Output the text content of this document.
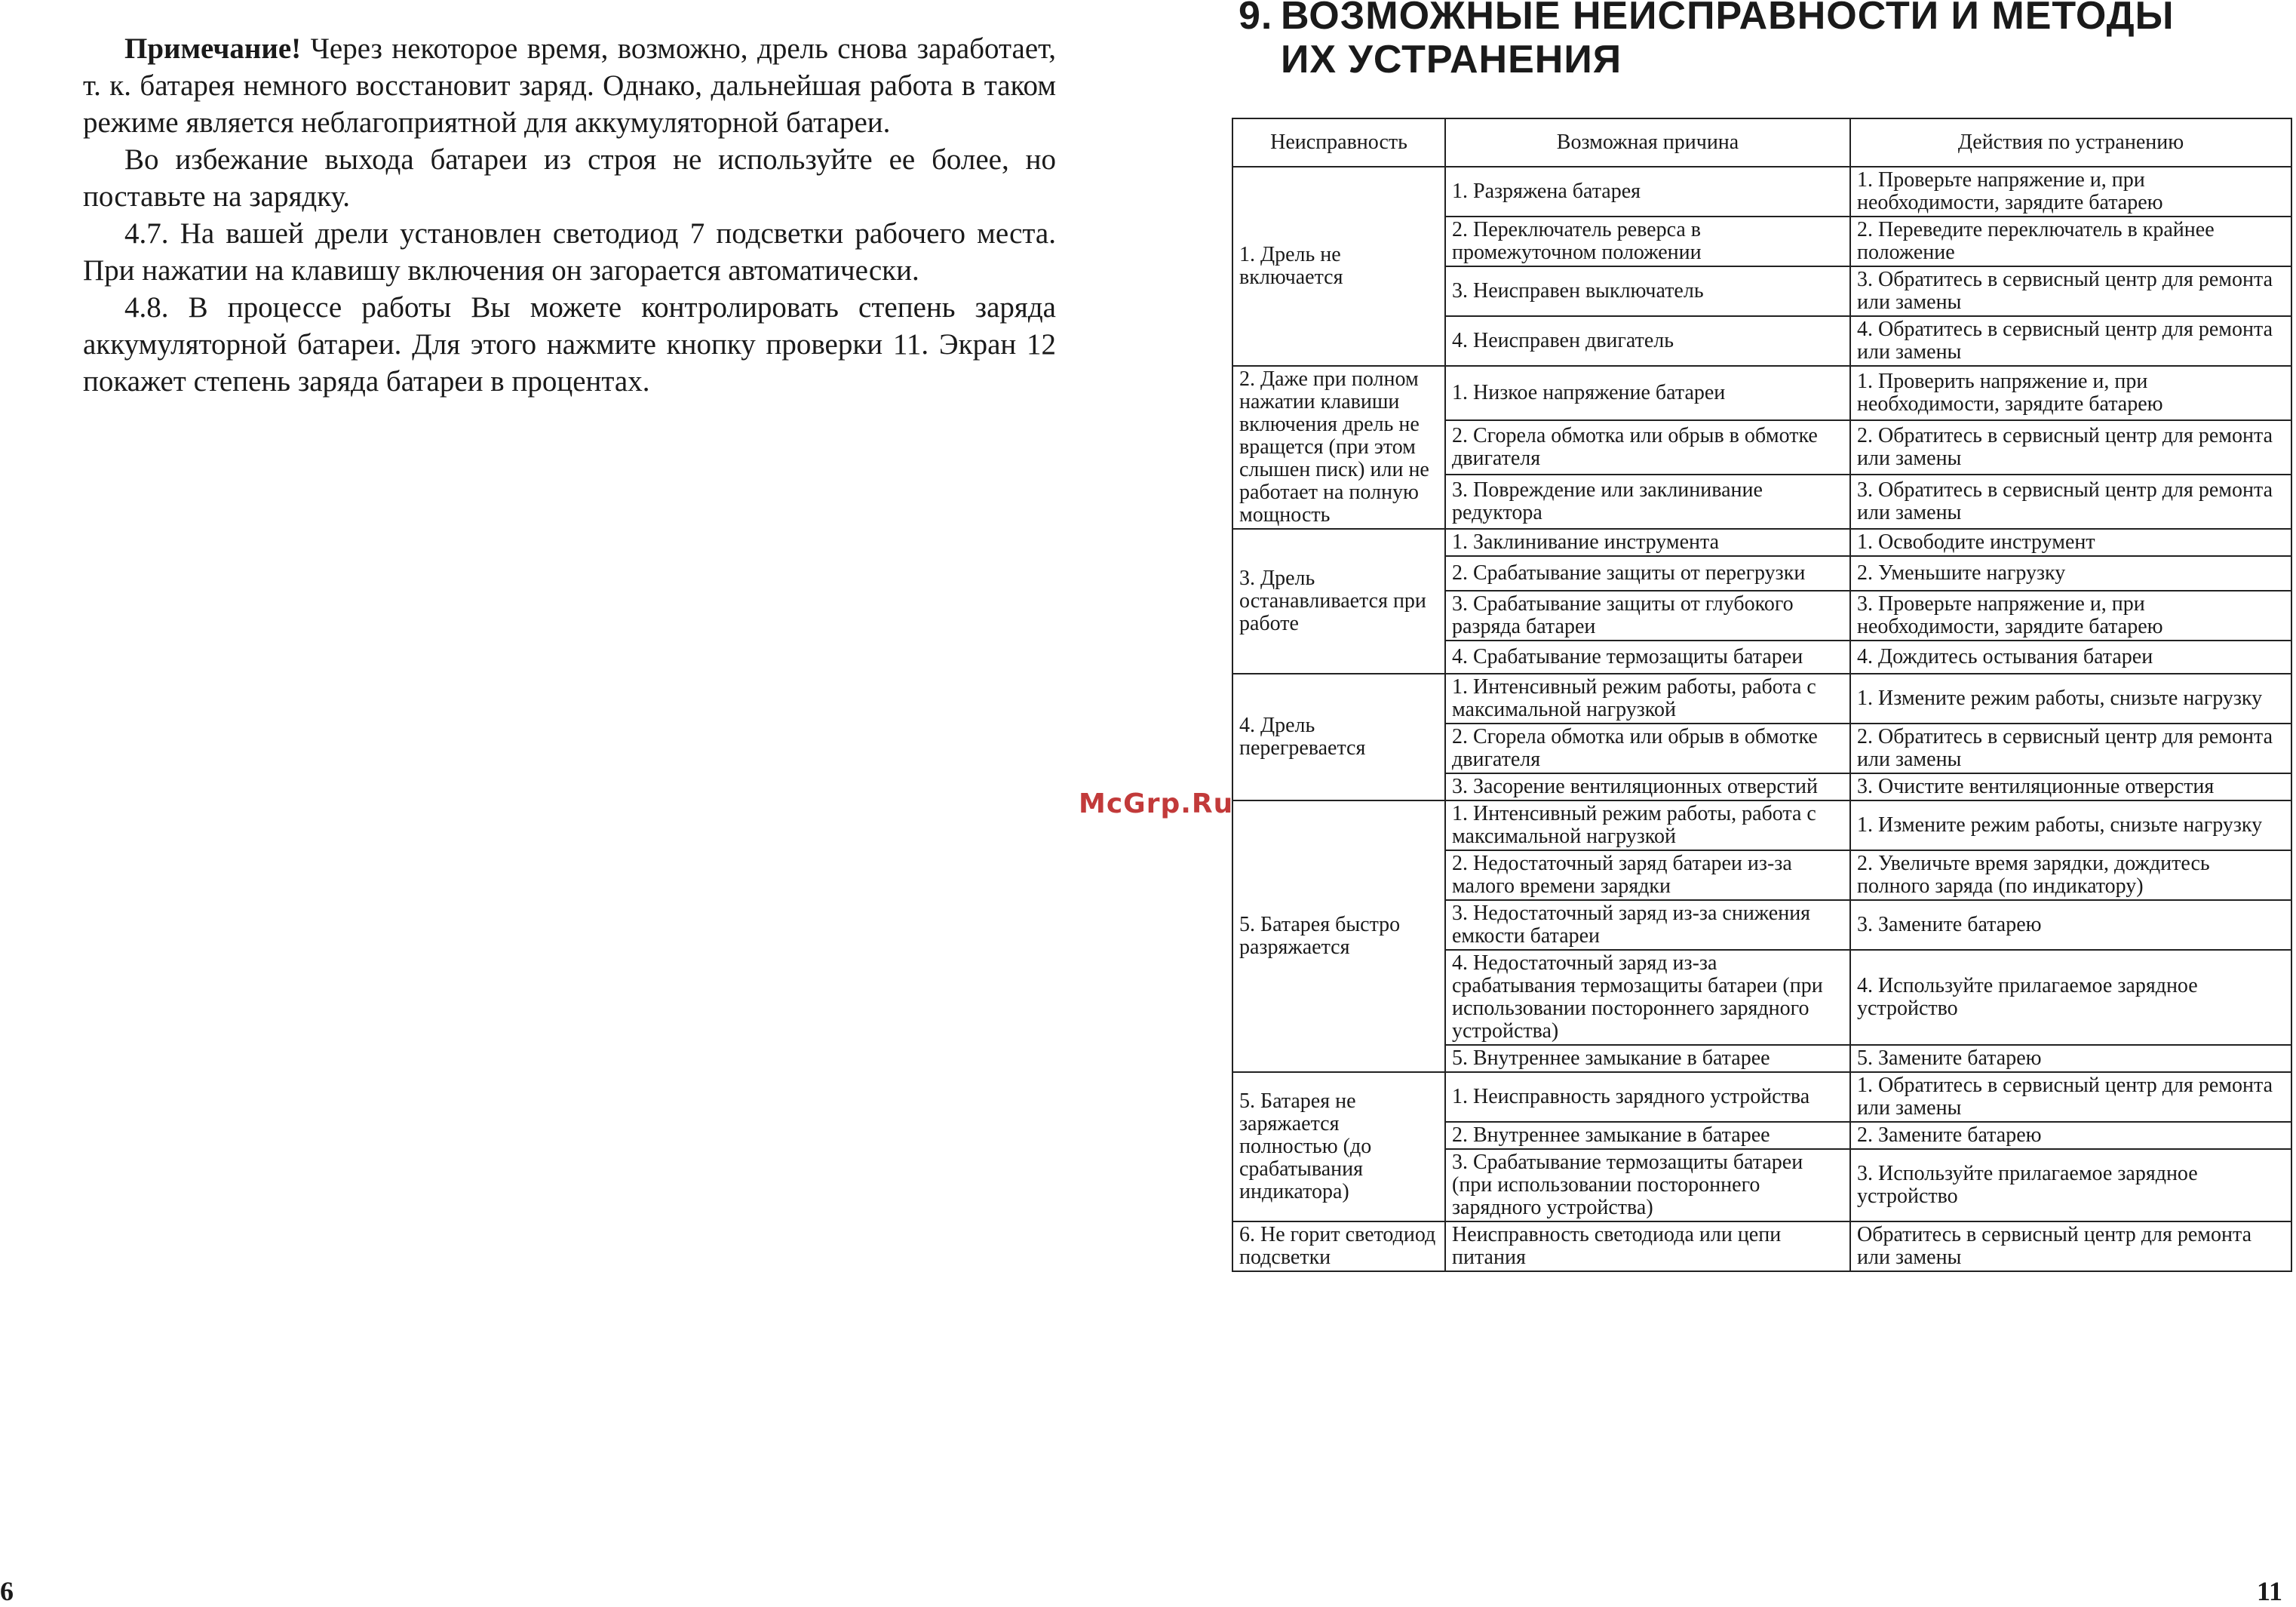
Примечание! Через некоторое время, возможно, дрель снова заработает, т. к. батарея немного восстановит заряд. Однако, дальнейшая работа в таком режиме является неблагоприятной для аккумуляторной батареи.

Во избежание выхода батареи из строя не используйте ее более, но поставьте на зарядку.

4.7. На вашей дрели установлен светодиод 7 подсветки рабочего места. При нажатии на клавишу включения он загорается автоматически.

4.8. В процессе работы Вы можете контролировать степень заряда аккумуляторной батареи. Для этого нажмите кнопку проверки 11. Экран 12 покажет степень заряда батареи в процентах.

6
McGrp.Ru
9. ВОЗМОЖНЫЕ НЕИСПРАВНОСТИ И МЕТОДЫ
ИХ УСТРАНЕНИЯ
Неисправность	Возможная причина	Действия по устранению
1. Дрель не включается	1. Разряжена батарея	1. Проверьте напряжение и, при необходимости, зарядите батарею
	2. Переключатель реверса в промежуточном положении	2. Переведите переключатель в крайнее положение
	3. Неисправен выключатель	3. Обратитесь в сервисный центр для ремонта или замены
	4. Неисправен двигатель	4. Обратитесь в сервисный центр для ремонта или замены
2. Даже при полном нажатии клавиши включения дрель не вращется (при этом слышен писк) или не работает на полную мощность	1. Низкое напряжение батареи	1. Проверить напряжение и, при необходимости, зарядите батарею
	2. Сгорела обмотка или обрыв в обмотке двигателя	2. Обратитесь в сервисный центр для ремонта или замены
	3. Повреждение или заклинивание редуктора	3. Обратитесь в сервисный центр для ремонта или замены
3. Дрель останавливается при работе	1. Заклинивание инструмента	1. Освободите инструмент
	2. Срабатывание защиты от перегрузки	2. Уменьшите нагрузку
	3. Срабатывание защиты от глубокого разряда батареи	3. Проверьте напряжение и, при необходимости, зарядите батарею
	4. Срабатывание термозащиты батареи	4. Дождитесь остывания батареи
4. Дрель перегревается	1. Интенсивный режим работы, работа с максимальной нагрузкой	1. Измените режим работы, снизьте нагрузку
	2. Сгорела обмотка или обрыв в обмотке двигателя	2. Обратитесь в сервисный центр для ремонта или замены
	3. Засорение вентиляционных отверстий	3. Очистите вентиляционные отверстия
5. Батарея быстро разряжается	1. Интенсивный режим работы, работа с максимальной нагрузкой	1. Измените режим работы, снизьте нагрузку
	2. Недостаточный заряд батареи из-за малого времени зарядки	2. Увеличьте время зарядки, дождитесь полного заряда (по индикатору)
	3. Недостаточный заряд из-за снижения емкости батареи	3. Замените батарею
	4. Недостаточный заряд из-за срабатывания термозащиты батареи (при использовании постороннего зарядного устройства)	4. Используйте прилагаемое зарядное устройство
	5. Внутреннее замыкание в батарее	5. Замените батарею
5. Батарея не заряжается полностью (до срабатывания индикатора)	1. Неисправность зарядного устройства	1. Обратитесь в сервисный центр для ремонта или замены
	2. Внутреннее замыкание в батарее	2. Замените батарею
	3. Срабатывание термозащиты батареи (при использовании постороннего зарядного устройства)	3. Используйте прилагаемое зарядное устройство
6. Не горит светодиод подсветки	Неисправность светодиода или цепи питания	Обратитесь в сервисный центр для ремонта или замены
11
